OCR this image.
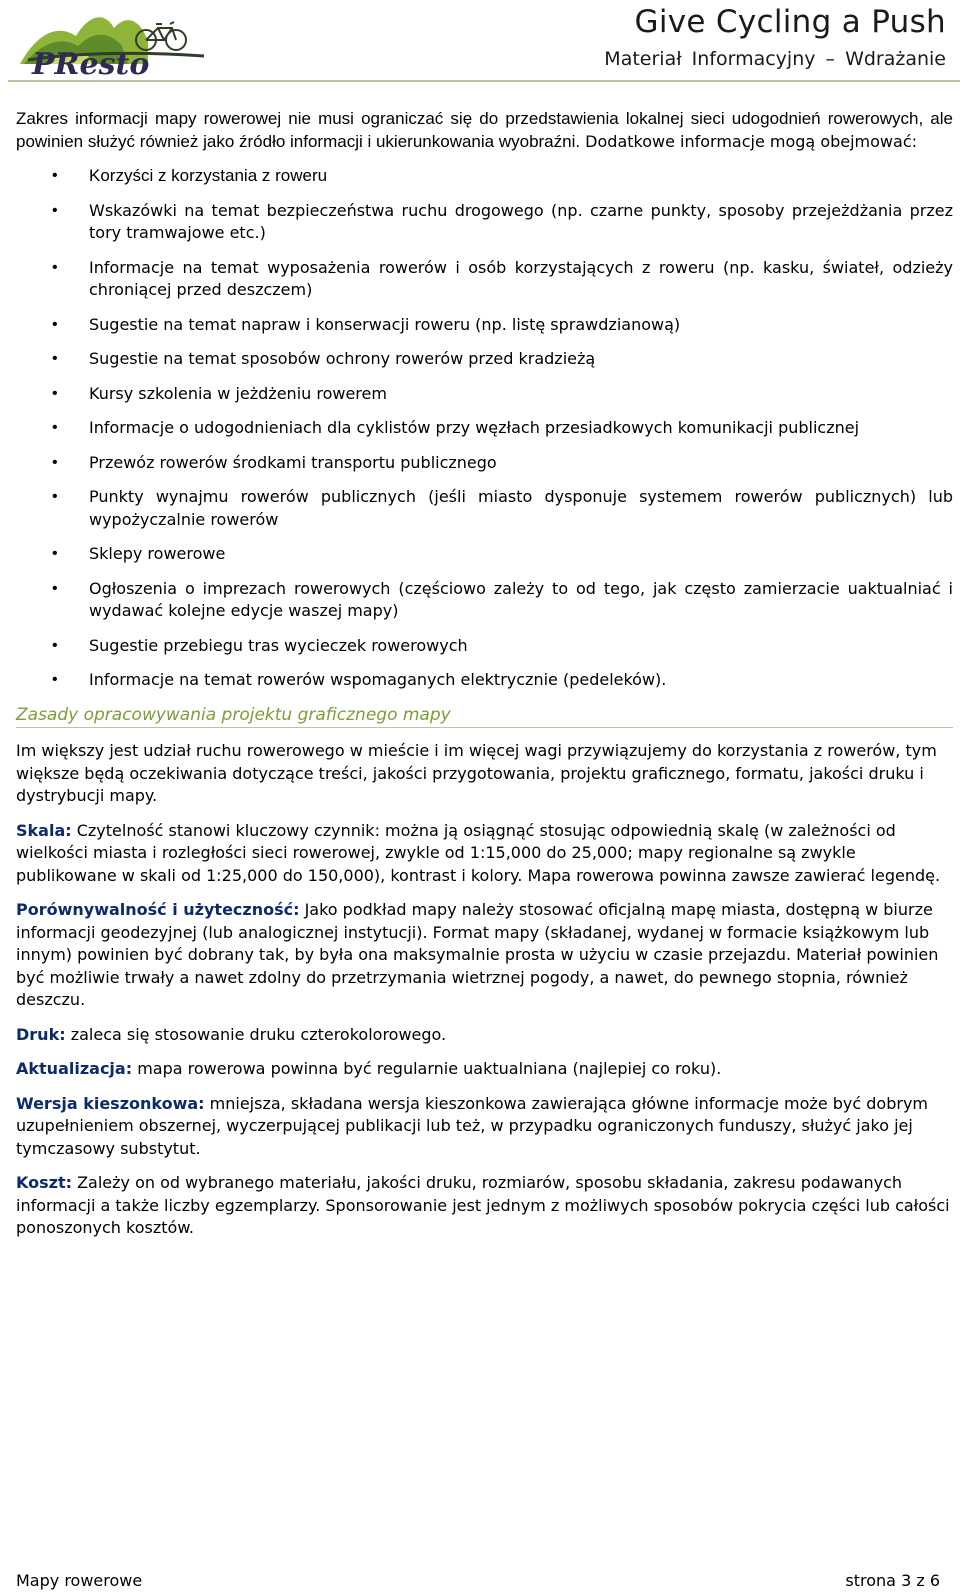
PResto
Give Cycling a Push
Materiał Informacyjny – Wdrażanie

Zakres informacji mapy rowerowej nie musi ograniczać się do przedstawienia lokalnej sieci udogodnień rowerowych, ale powinien służyć również jako źródło informacji i ukierunkowania wyobraźni. Dodatkowe informacje mogą obejmować:

• Korzyści z korzystania z roweru
• Wskazówki na temat bezpieczeństwa ruchu drogowego (np. czarne punkty, sposoby przejeżdżania przez tory tramwajowe etc.)
• Informacje na temat wyposażenia rowerów i osób korzystających z roweru (np. kasku, świateł, odzieży chroniącej przed deszczem)
• Sugestie na temat napraw i konserwacji roweru (np. listę sprawdzianową)
• Sugestie na temat sposobów ochrony rowerów przed kradzieżą
• Kursy szkolenia w jeżdżeniu rowerem
• Informacje o udogodnieniach dla cyklistów przy węzłach przesiadkowych komunikacji publicznej
• Przewóz rowerów środkami transportu publicznego
• Punkty wynajmu rowerów publicznych (jeśli miasto dysponuje systemem rowerów publicznych) lub wypożyczalnie rowerów
• Sklepy rowerowe
• Ogłoszenia o imprezach rowerowych (częściowo zależy to od tego, jak często zamierzacie uaktualniać i wydawać kolejne edycje waszej mapy)
• Sugestie przebiegu tras wycieczek rowerowych
• Informacje na temat rowerów wspomaganych elektrycznie (pedeleków).
Zasady opracowywania projektu graficznego mapy

Im większy jest udział ruchu rowerowego w mieście i im więcej wagi przywiązujemy do korzystania z rowerów, tym większe będą oczekiwania dotyczące treści, jakości przygotowania, projektu graficznego, formatu, jakości druku i dystrybucji mapy.

Skala: Czytelność stanowi kluczowy czynnik: można ją osiągnąć stosując odpowiednią skalę (w zależności od wielkości miasta i rozległości sieci rowerowej, zwykle od 1:15,000 do 25,000; mapy regionalne są zwykle publikowane w skali od 1:25,000 do 150,000), kontrast i kolory. Mapa rowerowa powinna zawsze zawierać legendę.

Porównywalność i użyteczność: Jako podkład mapy należy stosować oficjalną mapę miasta, dostępną w biurze informacji geodezyjnej (lub analogicznej instytucji). Format mapy (składanej, wydanej w formacie książkowym lub innym) powinien być dobrany tak, by była ona maksymalnie prosta w użyciu w czasie przejazdu. Materiał powinien być możliwie trwały a nawet zdolny do przetrzymania wietrznej pogody, a nawet, do pewnego stopnia, również deszczu.

Druk: zaleca się stosowanie druku czterokolorowego.

Aktualizacja: mapa rowerowa powinna być regularnie uaktualniana (najlepiej co roku).

Wersja kieszonkowa: mniejsza, składana wersja kieszonkowa zawierająca główne informacje może być dobrym uzupełnieniem obszernej, wyczerpującej publikacji lub też, w przypadku ograniczonych funduszy, służyć jako jej tymczasowy substytut.

Koszt: Zależy on od wybranego materiału, jakości druku, rozmiarów, sposobu składania, zakresu podawanych informacji a także liczby egzemplarzy. Sponsorowanie jest jednym z możliwych sposobów pokrycia części lub całości ponoszonych kosztów.

Mapy rowerowe	strona 3 z 6
